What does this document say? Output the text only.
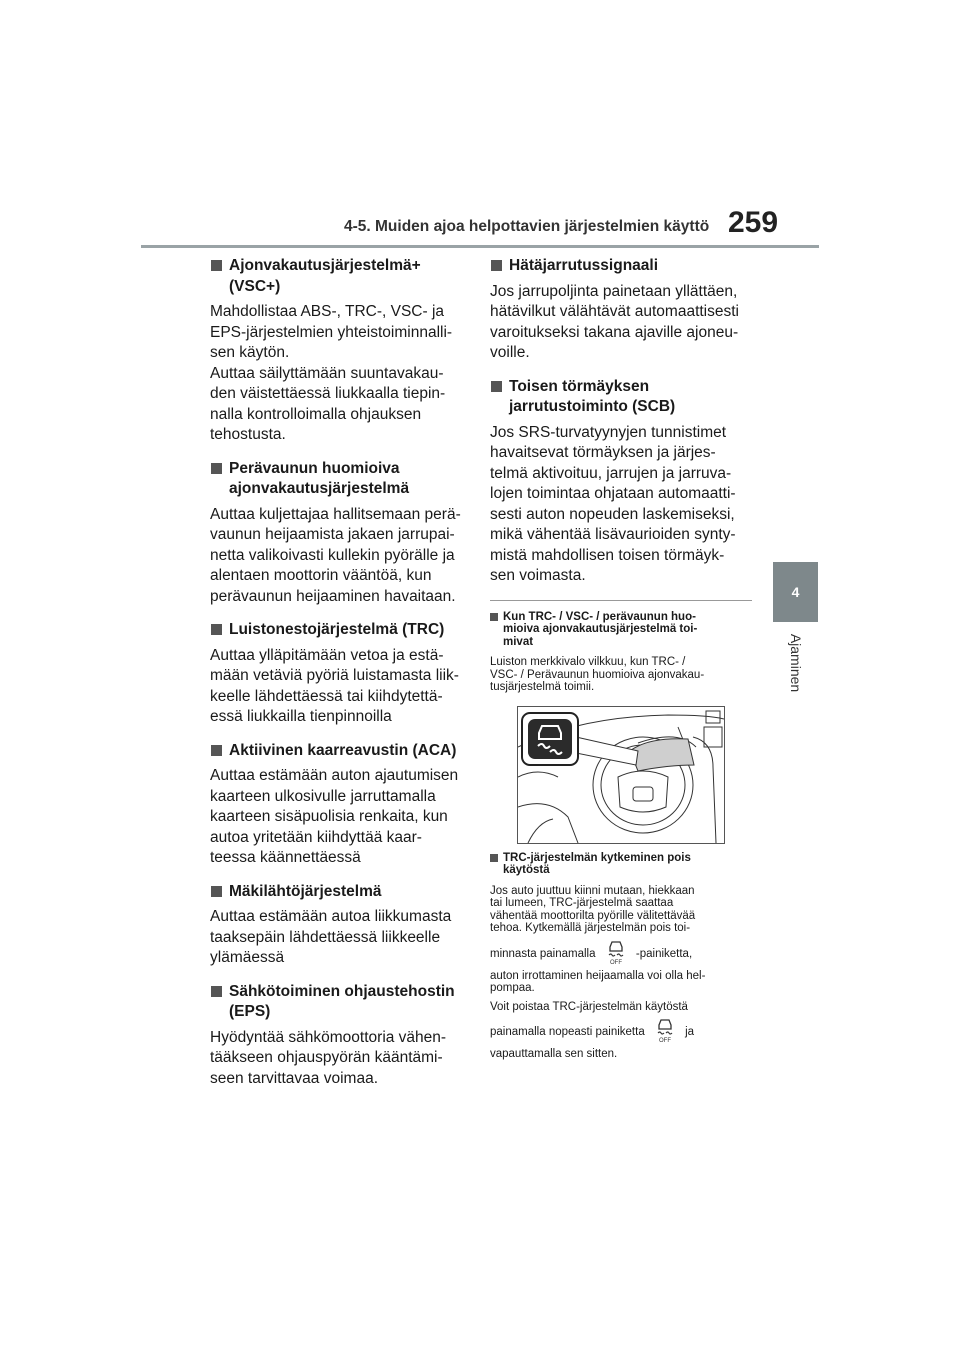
4-5. Muiden ajoa helpottavien järjestelmien käyttö 259
4
Ajaminen
Ajonvakautusjärjestelmä+
(VSC+)
Mahdollistaa ABS-, TRC-, VSC- ja
EPS-järjestelmien yhteistoiminnalli-
sen käytön.
Auttaa säilyttämään suuntavakau-
den väistettäessä liukkaalla tiepin-
nalla kontrolloimalla ohjauksen
tehostusta.
Perävaunun huomioiva
ajonvakautusjärjestelmä
Auttaa kuljettajaa hallitsemaan perä-
vaunun heijaamista jakaen jarrupai-
netta valikoivasti kullekin pyörälle ja
alentaen moottorin vääntöä, kun
perävaunun heijaaminen havaitaan.
Luistonestojärjestelmä (TRC)
Auttaa ylläpitämään vetoa ja estä-
mään vetäviä pyöriä luistamasta liik-
keelle lähdettäessä tai kiihdytettä-
essä liukkailla tienpinnoilla
Aktiivinen kaarreavustin (ACA)
Auttaa estämään auton ajautumisen
kaarteen ulkosivulle jarruttamalla
kaarteen sisäpuolisia renkaita, kun
autoa yritetään kiihdyttää kaar-
teessa käännettäessä
Mäkilähtöjärjestelmä
Auttaa estämään autoa liikkumasta
taaksepäin lähdettäessä liikkeelle
ylämäessä
Sähkötoiminen ohjaustehostin
(EPS)
Hyödyntää sähkömoottoria vähen-
tääkseen ohjauspyörän kääntämi-
seen tarvittavaa voimaa.
Hätäjarrutussignaali
Jos jarrupoljinta painetaan yllättäen,
hätävilkut välähtävät automaattisesti
varoitukseksi takana ajaville ajoneu-
voille.
Toisen törmäyksen
jarrutustoiminto (SCB)
Jos SRS-turvatyynyjen tunnistimet
havaitsevat törmäyksen ja järjes-
telmä aktivoituu, jarrujen ja jarruva-
lojen toimintaa ohjataan automaatti-
sesti auton nopeuden laskemiseksi,
mikä vähentää lisävaurioiden synty-
mistä mahdollisen toisen törmäyk-
sen voimasta.
Kun TRC- / VSC- / perävaunun huo-
mioiva ajonvakautusjärjestelmä toi-
mivat
Luiston merkkivalo vilkkuu, kun TRC- /
VSC- / Perävaunun huomioiva ajonvakau-
tusjärjestelmä toimii.
TRC-järjestelmän kytkeminen pois
käytöstä
Jos auto juuttuu kiinni mutaan, hiekkaan
tai lumeen, TRC-järjestelmä saattaa
vähentää moottorilta pyörille välitettävää
tehoa. Kytkemällä järjestelmän pois toi-
minnasta painamalla
OFF
-painiketta,
auton irrottaminen heijaamalla voi olla hel-
pompaa.
Voit poistaa TRC-järjestelmän käytöstä
painamalla nopeasti painiketta
OFF
ja
vapauttamalla sen sitten.
